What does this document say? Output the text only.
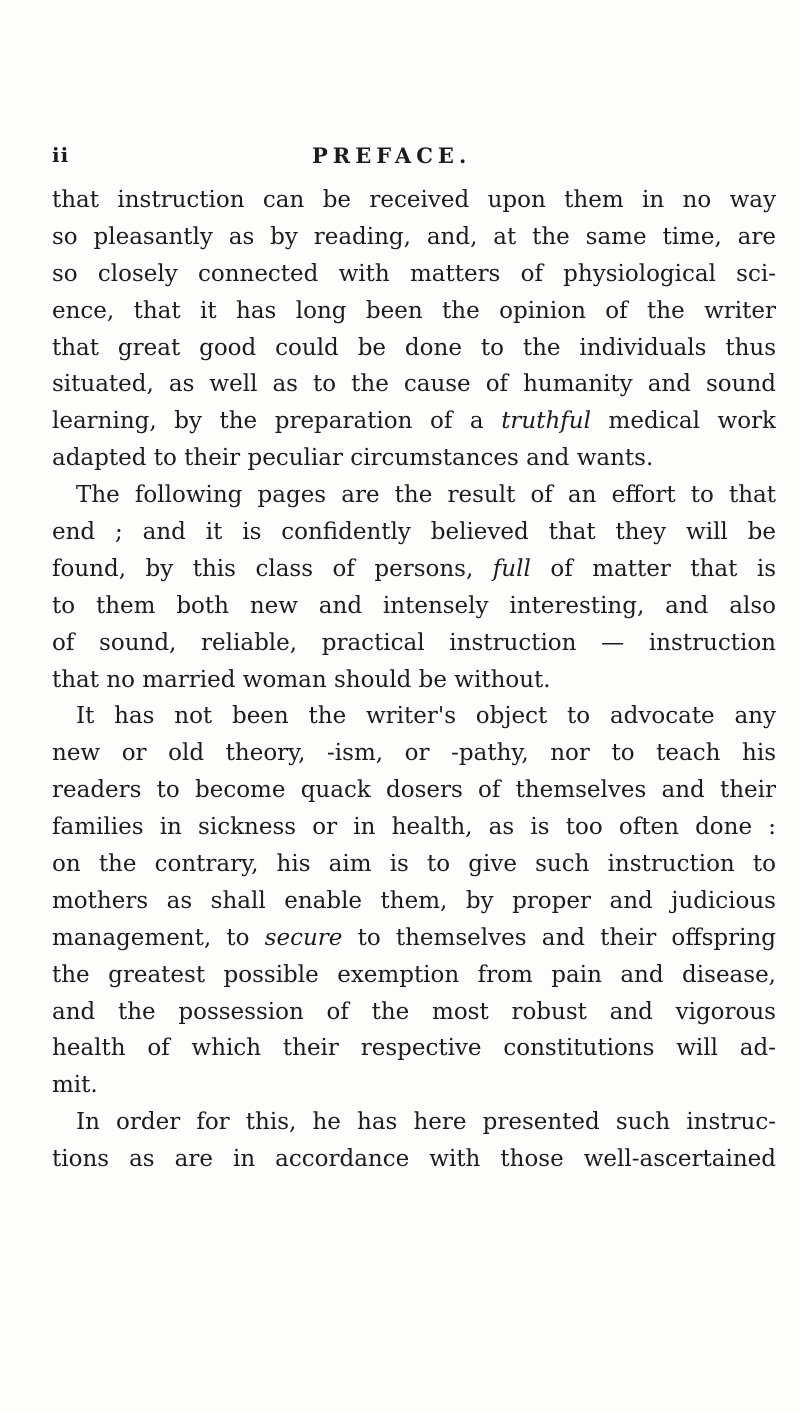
ii	PREFACE.
that instruction can be received upon them in no way
so pleasantly as by reading, and, at the same time, are
so closely connected with matters of physiological sci-
ence, that it has long been the opinion of the writer
that great good could be done to the individuals thus
situated, as well as to the cause of humanity and sound
learning, by the preparation of a truthful medical work
adapted to their peculiar circumstances and wants.
The following pages are the result of an effort to that
end ; and it is confidently believed that they will be
found, by this class of persons, full of matter that is
to them both new and intensely interesting, and also
of sound, reliable, practical instruction — instruction
that no married woman should be without.
It has not been the writer's object to advocate any
new or old theory, -ism, or -pathy, nor to teach his
readers to become quack dosers of themselves and their
families in sickness or in health, as is too often done :
on the contrary, his aim is to give such instruction to
mothers as shall enable them, by proper and judicious
management, to secure to themselves and their offspring
the greatest possible exemption from pain and disease,
and the possession of the most robust and vigorous
health of which their respective constitutions will ad-
mit.
In order for this, he has here presented such instruc-
tions as are in accordance with those well-ascertained
